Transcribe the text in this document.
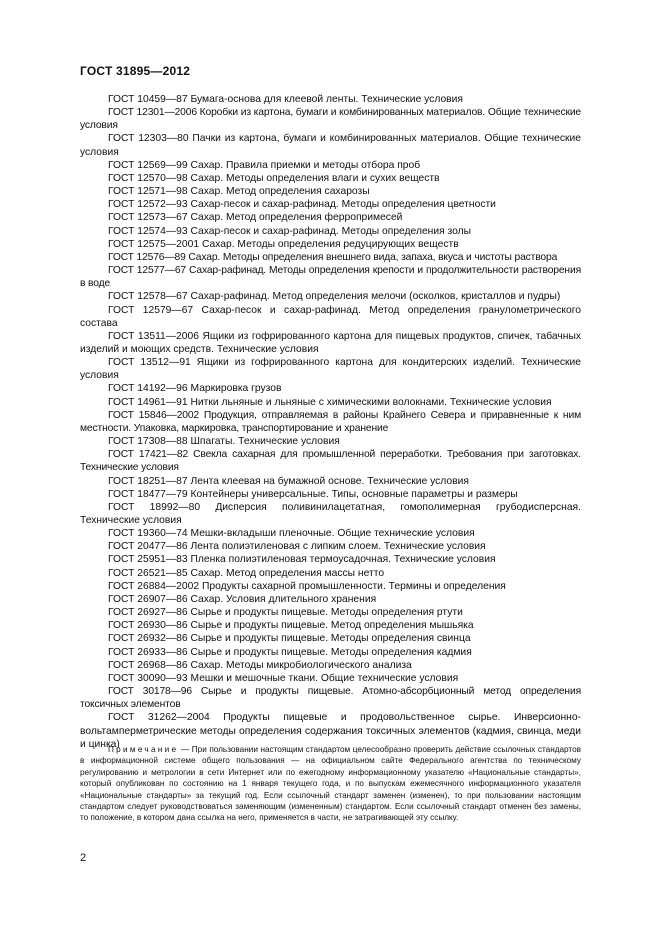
ГОСТ 31895—2012
ГОСТ 10459—87 Бумага-основа для клеевой ленты. Технические условия
ГОСТ 12301—2006 Коробки из картона, бумаги и комбинированных материалов. Общие технические условия
ГОСТ 12303—80 Пачки из картона, бумаги и комбинированных материалов. Общие технические условия
ГОСТ 12569—99 Сахар. Правила приемки и методы отбора проб
ГОСТ 12570—98 Сахар. Методы определения влаги и сухих веществ
ГОСТ 12571—98 Сахар. Метод определения сахарозы
ГОСТ 12572—93 Сахар-песок и сахар-рафинад. Методы определения цветности
ГОСТ 12573—67 Сахар. Метод определения ферропримесей
ГОСТ 12574—93 Сахар-песок и сахар-рафинад. Методы определения золы
ГОСТ 12575—2001 Сахар. Методы определения редуцирующих веществ
ГОСТ 12576—89 Сахар. Методы определения внешнего вида, запаха, вкуса и чистоты раствора
ГОСТ 12577—67 Сахар-рафинад. Методы определения крепости и продолжительности растворения в воде
ГОСТ 12578—67 Сахар-рафинад. Метод определения мелочи (осколков, кристаллов и пудры)
ГОСТ 12579—67 Сахар-песок и сахар-рафинад. Метод определения гранулометрического состава
ГОСТ 13511—2006 Ящики из гофрированного картона для пищевых продуктов, спичек, табачных изделий и моющих средств. Технические условия
ГОСТ 13512—91 Ящики из гофрированного картона для кондитерских изделий. Технические условия
ГОСТ 14192—96 Маркировка грузов
ГОСТ 14961—91 Нитки льняные и льняные с химическими волокнами. Технические условия
ГОСТ 15846—2002 Продукция, отправляемая в районы Крайнего Севера и приравненные к ним местности. Упаковка, маркировка, транспортирование и хранение
ГОСТ 17308—88 Шпагаты. Технические условия
ГОСТ 17421—82 Свекла сахарная для промышленной переработки. Требования при заготовках. Технические условия
ГОСТ 18251—87 Лента клеевая на бумажной основе. Технические условия
ГОСТ 18477—79 Контейнеры универсальные. Типы, основные параметры и размеры
ГОСТ 18992—80 Дисперсия поливинилацетатная, гомополимерная грубодисперсная. Технические условия
ГОСТ 19360—74 Мешки-вкладыши пленочные. Общие технические условия
ГОСТ 20477—86 Лента полиэтиленовая с липким слоем. Технические условия
ГОСТ 25951—83 Пленка полиэтиленовая термоусадочная. Технические условия
ГОСТ 26521—85 Сахар. Метод определения массы нетто
ГОСТ 26884—2002 Продукты сахарной промышленности. Термины и определения
ГОСТ 26907—86 Сахар. Условия длительного хранения
ГОСТ 26927—86 Сырье и продукты пищевые. Методы определения ртути
ГОСТ 26930—86 Сырье и продукты пищевые. Метод определения мышьяка
ГОСТ 26932—86 Сырье и продукты пищевые. Методы определения свинца
ГОСТ 26933—86 Сырье и продукты пищевые. Методы определения кадмия
ГОСТ 26968—86 Сахар. Методы микробиологического анализа
ГОСТ 30090—93 Мешки и мешочные ткани. Общие технические условия
ГОСТ 30178—96 Сырье и продукты пищевые. Атомно-абсорбционный метод определения токсичных элементов
ГОСТ 31262—2004 Продукты пищевые и продовольственное сырье. Инверсионно-вольтамперметрические методы определения содержания токсичных элементов (кадмия, свинца, меди и цинка)
Примечание — При пользовании настоящим стандартом целесообразно проверить действие ссылочных стандартов в информационной системе общего пользования — на официальном сайте Федерального агентства по техническому регулированию и метрологии в сети Интернет или по ежегодному информационному указателю «Национальные стандарты», который опубликован по состоянию на 1 января текущего года, и по выпускам ежемесячного информационного указателя «Национальные стандарты» за текущий год. Если ссылочный стандарт заменен (изменен), то при пользовании настоящим стандартом следует руководствоваться заменяющим (измененным) стандартом. Если ссылочный стандарт отменен без замены, то положение, в котором дана ссылка на него, применяется в части, не затрагивающей эту ссылку.
2
